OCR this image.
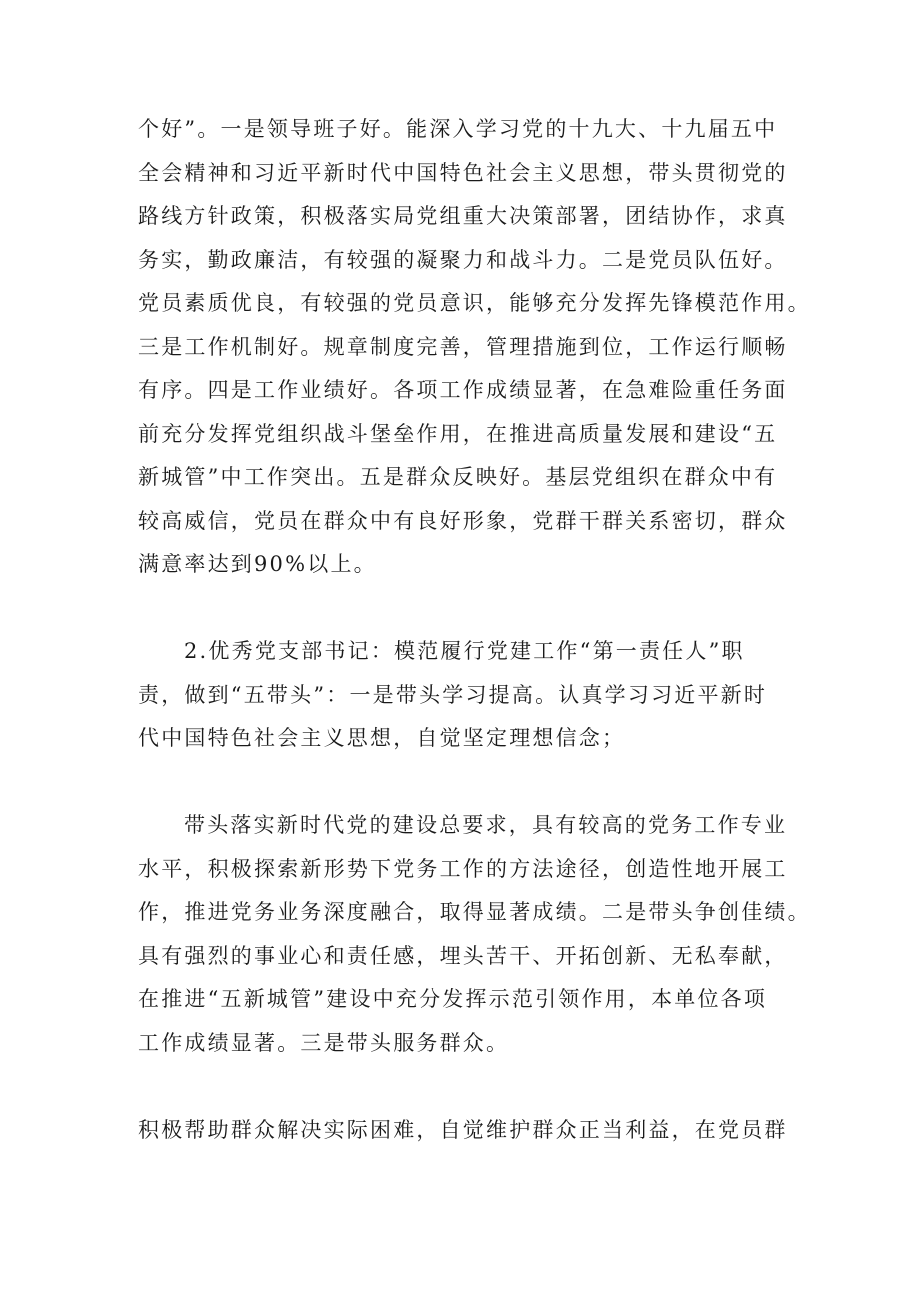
个好”。一是领导班子好。能深入学习党的十九大、十九届五中
全会精神和习近平新时代中国特色社会主义思想，带头贯彻党的
路线方针政策，积极落实局党组重大决策部署，团结协作，求真
务实，勤政廉洁，有较强的凝聚力和战斗力。二是党员队伍好。
党员素质优良，有较强的党员意识，能够充分发挥先锋模范作用。
三是工作机制好。规章制度完善，管理措施到位，工作运行顺畅
有序。四是工作业绩好。各项工作成绩显著，在急难险重任务面
前充分发挥党组织战斗堡垒作用，在推进高质量发展和建设“五
新城管”中工作突出。五是群众反映好。基层党组织在群众中有
较高威信，党员在群众中有良好形象，党群干群关系密切，群众
满意率达到90%以上。
2.优秀党支部书记：模范履行党建工作“第一责任人”职
责，做到“五带头”：一是带头学习提高。认真学习习近平新时
代中国特色社会主义思想，自觉坚定理想信念；
带头落实新时代党的建设总要求，具有较高的党务工作专业
水平，积极探索新形势下党务工作的方法途径，创造性地开展工
作，推进党务业务深度融合，取得显著成绩。二是带头争创佳绩。
具有强烈的事业心和责任感，埋头苦干、开拓创新、无私奉献，
在推进“五新城管”建设中充分发挥示范引领作用，本单位各项
工作成绩显著。三是带头服务群众。
积极帮助群众解决实际困难，自觉维护群众正当利益，在党员群
